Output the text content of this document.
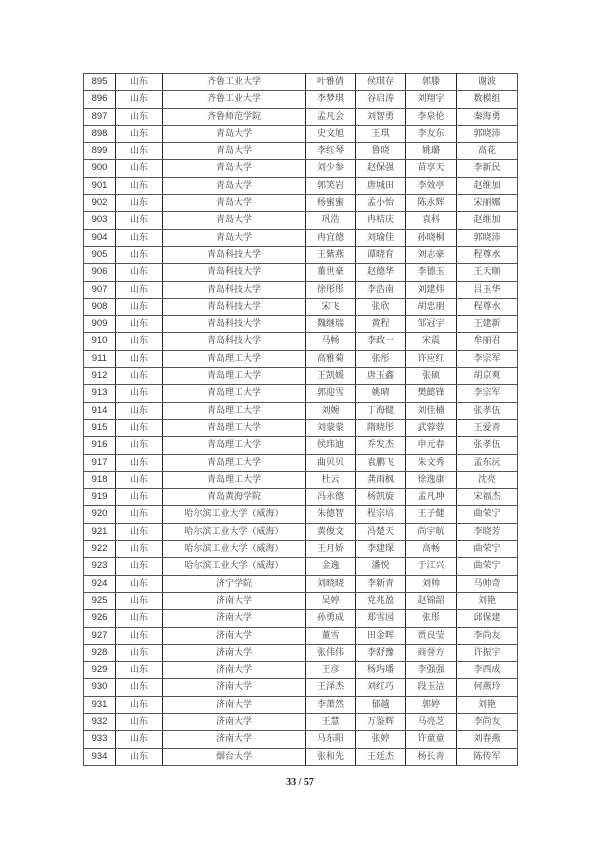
895	山东	齐鲁工业大学	叶雅倩	侯琪存	郭滕	谢波
896	山东	齐鲁工业大学	李梦琪	谷启涛	刘翔宇	数模组
897	山东	齐鲁师范学院	孟凡会	刘智勇	李泉伦	秦海勇
898	山东	青岛大学	史文旭	王琪	李友东	郭晓沛
899	山东	青岛大学	李红琴	鲁晓	姚璐	高花
900	山东	青岛大学	刘少参	赵保强	苗享天	李新民
901	山东	青岛大学	郭笑岩	唐城田	李效亭	赵维加
902	山东	青岛大学	杨蜜蜜	孟小怡	陈永辉	宋丽娜
903	山东	青岛大学	巩浩	冉桔庆	袁科	赵维加
904	山东	青岛大学	冉宜德	刘瑜佳	孙晓桐	郭晓沛
905	山东	青岛科技大学	王紫燕	谭晓育	刘志豪	程尊水
906	山东	青岛科技大学	董世豪	赵德华	李德玉	王天顺
907	山东	青岛科技大学	徐彤彤	李浩南	刘建炜	吕玉华
908	山东	青岛科技大学	宋飞	张欣	胡忠朋	程尊水
909	山东	青岛科技大学	魏继瑞	黄程	邹冠宇	王建新
910	山东	青岛科技大学	马畅	李政一	宋震	牟丽君
911	山东	青岛理工大学	高雅菊	张彤	许应红	李宗军
912	山东	青岛理工大学	王凯媛	唐玉鑫	张硕	胡京爽
913	山东	青岛理工大学	郭迎雪	姚晴	樊懿锋	李宗军
914	山东	青岛理工大学	刘婉	丁海健	刘佳楠	张孝伍
915	山东	青岛理工大学	刘蒙蒙	隋晓彤	武蓉蓉	王爱青
916	山东	青岛理工大学	侯玮迪	乔发杰	申元春	张孝伍
917	山东	青岛理工大学	曲贝贝	袁鹏飞	朱文秀	孟东沅
918	山东	青岛理工大学	杜云	龚雨枫	徐逸康	沈亮
919	山东	青岛黄海学院	冯永德	杨凯旋	孟凡坤	宋福杰
920	山东	哈尔滨工业大学（威海）	朱德智	程宗培	王子健	曲荣宁
921	山东	哈尔滨工业大学（威海）	黄俊文	冯楚天	尚宇航	李晓芳
922	山东	哈尔滨工业大学（威海）	王月娇	李建琛	高畅	曲荣宁
923	山东	哈尔滨工业大学（威海）	金逸	潘悦	于江兴	曲荣宁
924	山东	济宁学院	刘晓晓	李新青	刘帅	马帅奇
925	山东	济南大学	吴婷	党兆盈	赵锦韶	刘艳
926	山东	济南大学	孙勇成	郑雪园	张彤	邱保建
927	山东	济南大学	董雪	田金晖	贾良莹	李尚友
928	山东	济南大学	张伟伟	李舒豫	商誉方	许振宇
929	山东	济南大学	王彦	杨玙璠	李强强	李西成
930	山东	济南大学	王泽杰	刘红巧	段玉洁	何燕玲
931	山东	济南大学	李萧然	郁越	郭婷	刘艳
932	山东	济南大学	王慧	万鉴辉	马亮芝	李尚友
933	山东	济南大学	马东阳	张婷	许童童	刘春燕
934	山东	烟台大学	张和先	王廷杰	杨长青	陈传军
33 / 57
